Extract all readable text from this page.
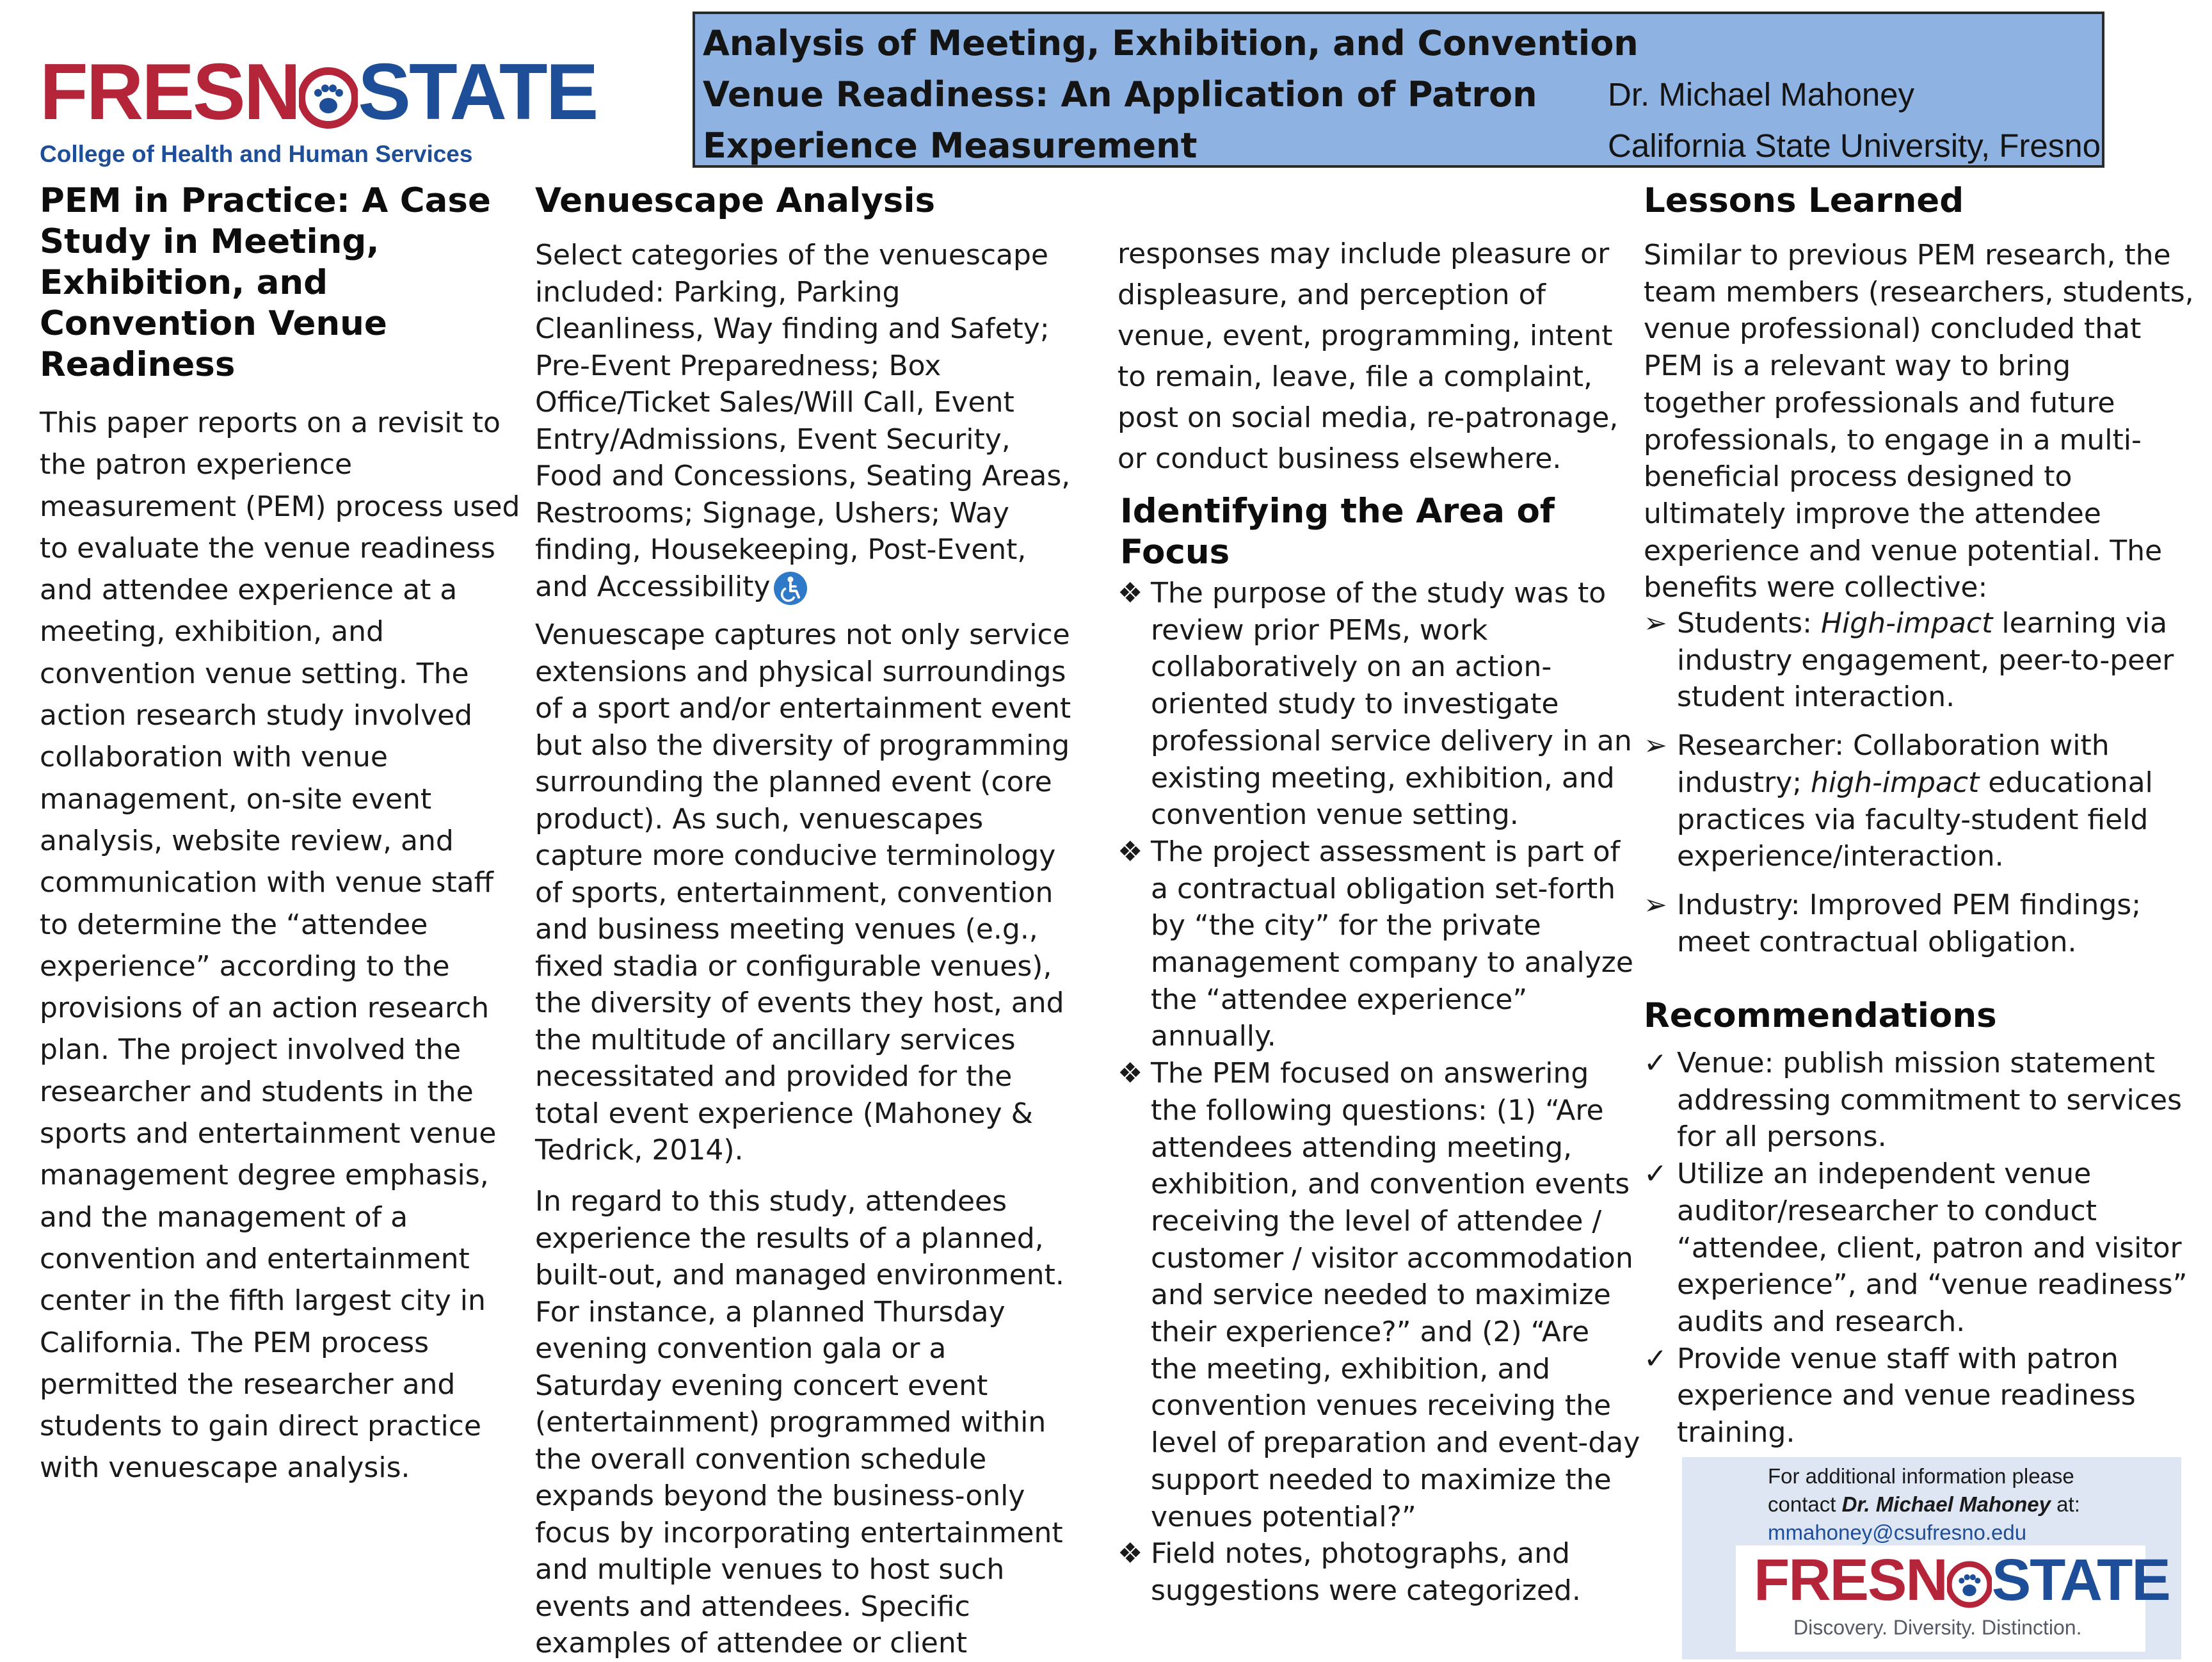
FRESN STATE
College of Health and Human Services
Analysis of Meeting, Exhibition, and Convention
Venue Readiness: An Application of Patron
Experience Measurement
Dr. Michael Mahoney
California State University, Fresno
PEM in Practice: A Case Study in Meeting, Exhibition, and Convention Venue Readiness
This paper reports on a revisit to the patron experience measurement (PEM) process used to evaluate the venue readiness and attendee experience at a meeting, exhibition, and convention venue setting. The action research study involved collaboration with venue management, on-site event analysis, website review, and communication with venue staff to determine the “attendee experience” according to the provisions of an action research plan. The project involved the researcher and students in the sports and entertainment venue management degree emphasis, and the management of a convention and entertainment center in the fifth largest city in California. The PEM process permitted the researcher and students to gain direct practice with venuescape analysis.
Venuescape Analysis
Select categories of the venuescape included: Parking, Parking Cleanliness, Way finding and Safety; Pre-Event Preparedness; Box Office/Ticket Sales/Will Call, Event Entry/Admissions, Event Security, Food and Concessions, Seating Areas, Restrooms; Signage, Ushers; Way finding, Housekeeping, Post-Event, and Accessibility
Venuescape captures not only service extensions and physical surroundings of a sport and/or entertainment event but also the diversity of programming surrounding the planned event (core product). As such, venuescapes capture more conducive terminology of sports, entertainment, convention and business meeting venues (e.g., fixed stadia or configurable venues), the diversity of events they host, and the multitude of ancillary services necessitated and provided for the total event experience (Mahoney & Tedrick, 2014).
In regard to this study, attendees experience the results of a planned, built-out, and managed environment. For instance, a planned Thursday evening convention gala or a Saturday evening concert event (entertainment) programmed within the overall convention schedule expands beyond the business-only focus by incorporating entertainment and multiple venues to host such events and attendees. Specific examples of attendee or client
responses may include pleasure or displeasure, and perception of venue, event, programming, intent to remain, leave, file a complaint, post on social media, re-patronage, or conduct business elsewhere.
Identifying the Area of Focus
❖ The purpose of the study was to review prior PEMs, work collaboratively on an action-oriented study to investigate professional service delivery in an existing meeting, exhibition, and convention venue setting.
❖ The project assessment is part of a contractual obligation set-forth by “the city” for the private management company to analyze the “attendee experience” annually.
❖ The PEM focused on answering the following questions: (1) “Are attendees attending meeting, exhibition, and convention events receiving the level of attendee / customer / visitor accommodation and service needed to maximize their experience?” and (2) “Are the meeting, exhibition, and convention venues receiving the level of preparation and event-day support needed to maximize the venues potential?”
❖ Field notes, photographs, and suggestions were categorized.
Lessons Learned
Similar to previous PEM research, the team members (researchers, students, venue professional) concluded that PEM is a relevant way to bring together professionals and future professionals, to engage in a multi-beneficial process designed to ultimately improve the attendee experience and venue potential. The benefits were collective:
➢ Students: High-impact learning via industry engagement, peer-to-peer student interaction.
➢ Researcher: Collaboration with industry; high-impact educational practices via faculty-student field experience/interaction.
➢ Industry: Improved PEM findings; meet contractual obligation.
Recommendations
✓ Venue: publish mission statement addressing commitment to services for all persons.
✓ Utilize an independent venue auditor/researcher to conduct “attendee, client, patron and visitor experience”, and “venue readiness” audits and research.
✓ Provide venue staff with patron experience and venue readiness training.
For additional information please
contact Dr. Michael Mahoney at:
mmahoney@csufresno.edu
FRESN STATE
Discovery. Diversity. Distinction.
